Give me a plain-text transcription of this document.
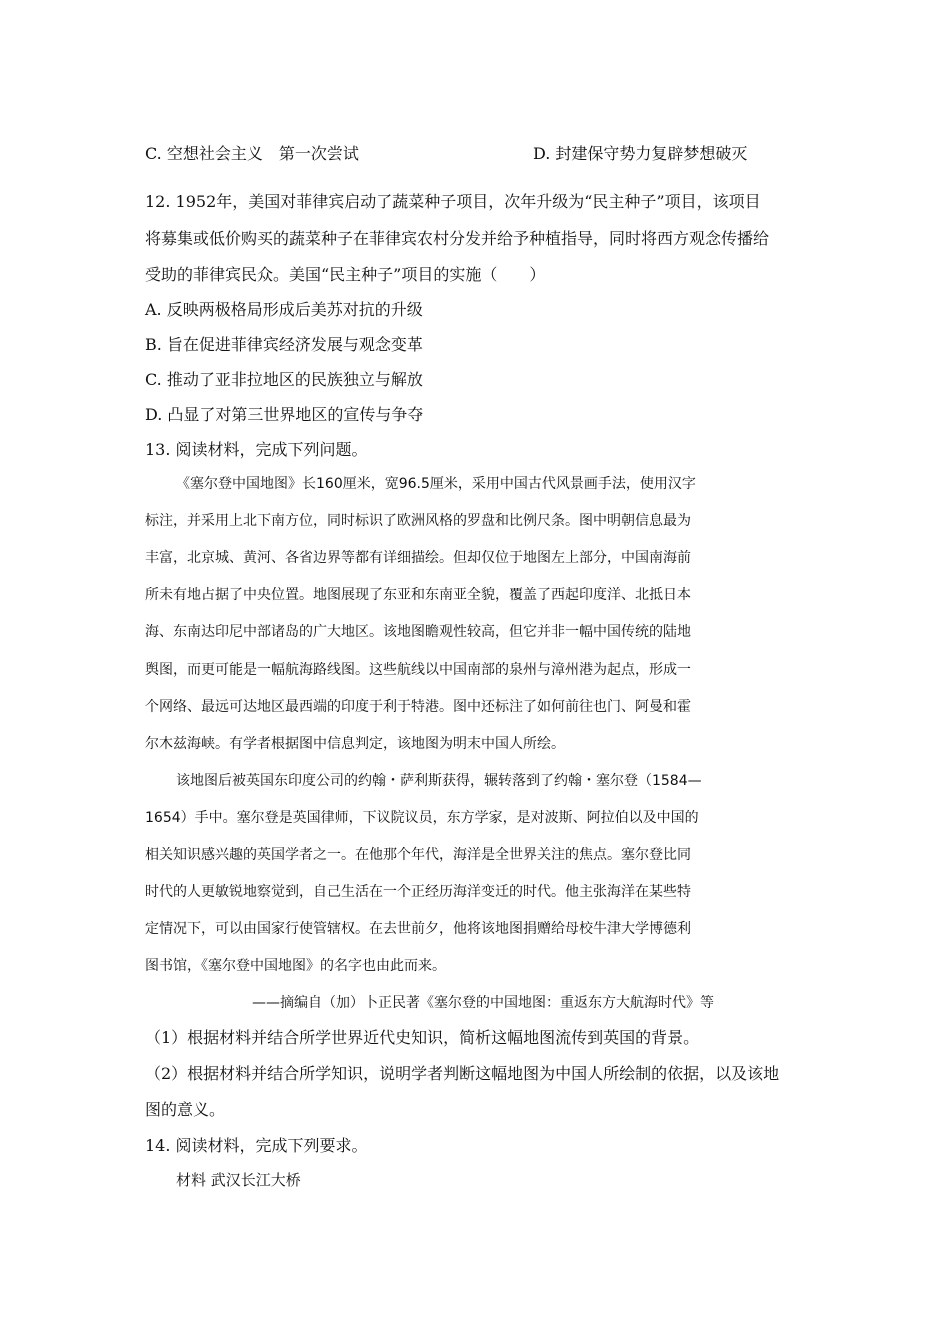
C. 空想社会主义　第一次尝试	D. 封建保守势力复辟梦想破灭
12. 1952年，美国对菲律宾启动了蔬菜种子项目，次年升级为“民主种子”项目，该项目
将募集或低价购买的蔬菜种子在菲律宾农村分发并给予种植指导，同时将西方观念传播给
受助的菲律宾民众。美国“民主种子”项目的实施（　　）
A. 反映两极格局形成后美苏对抗的升级
B. 旨在促进菲律宾经济发展与观念变革
C. 推动了亚非拉地区的民族独立与解放
D. 凸显了对第三世界地区的宣传与争夺
13. 阅读材料，完成下列问题。
《塞尔登中国地图》长160厘米，宽96.5厘米，采用中国古代风景画手法，使用汉字
标注，并采用上北下南方位，同时标识了欧洲风格的罗盘和比例尺条。图中明朝信息最为
丰富，北京城、黄河、各省边界等都有详细描绘。但却仅位于地图左上部分，中国南海前
所未有地占据了中央位置。地图展现了东亚和东南亚全貌，覆盖了西起印度洋、北抵日本
海、东南达印尼中部诸岛的广大地区。该地图瞻观性较高，但它并非一幅中国传统的陆地
舆图，而更可能是一幅航海路线图。这些航线以中国南部的泉州与漳州港为起点，形成一
个网络、最远可达地区最西端的印度于利于特港。图中还标注了如何前往也门、阿曼和霍
尔木兹海峡。有学者根据图中信息判定，该地图为明末中国人所绘。
该地图后被英国东印度公司的约翰・萨利斯获得，辗转落到了约翰・塞尔登（1584—
1654）手中。塞尔登是英国律师，下议院议员，东方学家，是对波斯、阿拉伯以及中国的
相关知识感兴趣的英国学者之一。在他那个年代，海洋是全世界关注的焦点。塞尔登比同
时代的人更敏锐地察觉到，自己生活在一个正经历海洋变迁的时代。他主张海洋在某些特
定情况下，可以由国家行使管辖权。在去世前夕，他将该地图捐赠给母校牛津大学博德利
图书馆，《塞尔登中国地图》的名字也由此而来。
——摘编自（加）卜正民著《塞尔登的中国地图：重返东方大航海时代》等
（1）根据材料并结合所学世界近代史知识，简析这幅地图流传到英国的背景。
（2）根据材料并结合所学知识，说明学者判断这幅地图为中国人所绘制的依据，以及该地
图的意义。
14. 阅读材料，完成下列要求。
材料 武汉长江大桥
